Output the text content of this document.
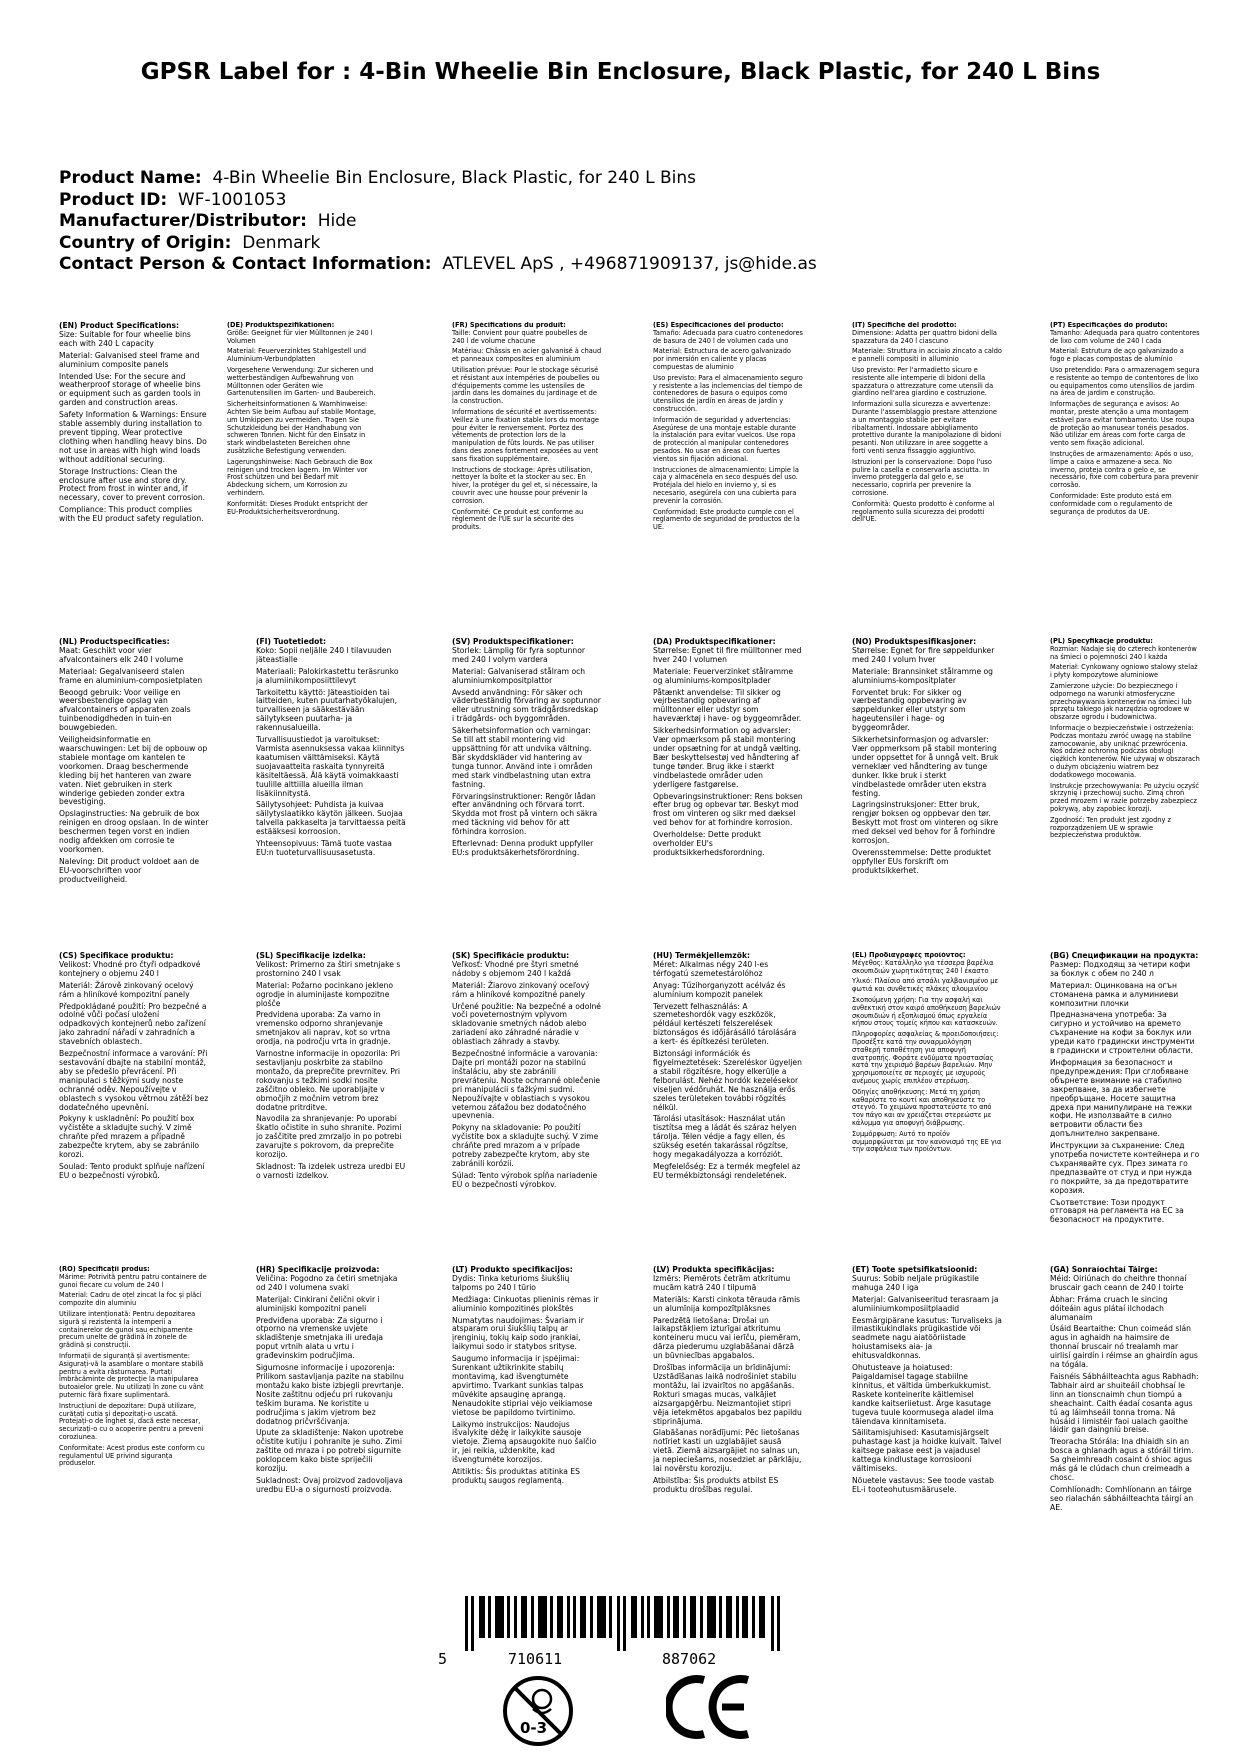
GPSR Label for : 4-Bin Wheelie Bin Enclosure, Black Plastic, for 240 L Bins
Product Name: 4-Bin Wheelie Bin Enclosure, Black Plastic, for 240 L Bins
Product ID: WF-1001053
Manufacturer/Distributor: Hide
Country of Origin: Denmark
Contact Person & Contact Information: ATLEVEL ApS , +496871909137, js@hide.as
(EN) Product Specifications:

Size: Suitable for four wheelie bins each with 240 L capacity

Material: Galvanised steel frame and aluminium composite panels

Intended Use: For the secure and weatherproof storage of wheelie bins or equipment such as garden tools in garden and construction areas.

Safety Information & Warnings: Ensure stable assembly during installation to prevent tipping. Wear protective clothing when handling heavy bins. Do not use in areas with high wind loads without additional securing.

Storage Instructions: Clean the enclosure after use and store dry. Protect from frost in winter and, if necessary, cover to prevent corrosion.

Compliance: This product complies with the EU product safety regulation.

(DE) Produktspezifikationen:

Größe: Geeignet für vier Mülltonnen je 240 l Volumen

Material: Feuerverzinktes Stahlgestell und Aluminium-Verbundplatten

Vorgesehene Verwendung: Zur sicheren und wetterbeständigen Aufbewahrung von Mülltonnen oder Geräten wie Gartenutensilien im Garten- und Baubereich.

Sicherheitsinformationen & Warnhinweise: Achten Sie beim Aufbau auf stabile Montage, um Umkippen zu vermeiden. Tragen Sie Schutzkleidung bei der Handhabung von schweren Tonnen. Nicht für den Einsatz in stark windbelasteten Bereichen ohne zusätzliche Befestigung verwenden.

Lagerungshinweise: Nach Gebrauch die Box reinigen und trocken lagern. Im Winter vor Frost schützen und bei Bedarf mit Abdeckung sichern, um Korrosion zu verhindern.

Konformität: Dieses Produkt entspricht der EU-Produktsicherheitsverordnung.

(FR) Spécifications du produit:

Taille: Convient pour quatre poubelles de 240 l de volume chacune

Matériau: Châssis en acier galvanisé à chaud et panneaux composites en aluminium

Utilisation prévue: Pour le stockage sécurisé et résistant aux intempéries de poubelles ou d'équipements comme les ustensiles de jardin dans les domaines du jardinage et de la construction.

Informations de sécurité et avertissements: Veillez à une fixation stable lors du montage pour éviter le renversement. Portez des vêtements de protection lors de la manipulation de fûts lourds. Ne pas utiliser dans des zones fortement exposées au vent sans fixation supplémentaire.

Instructions de stockage: Après utilisation, nettoyer la boîte et la stocker au sec. En hiver, la protéger du gel et, si nécessaire, la couvrir avec une housse pour prévenir la corrosion.

Conformité: Ce produit est conforme au règlement de l'UE sur la sécurité des produits.

(ES) Especificaciones del producto:

Tamaño: Adecuada para cuatro contenedores de basura de 240 l de volumen cada uno

Material: Estructura de acero galvanizado por inmersión en caliente y placas compuestas de aluminio

Uso previsto: Para el almacenamiento seguro y resistente a las inclemencias del tiempo de contenedores de basura o equipos como utensilios de jardín en áreas de jardín y construcción.

Información de seguridad y advertencias: Asegúrese de una montaje estable durante la instalación para evitar vuelcos. Use ropa de protección al manipular contenedores pesados. No usar en áreas con fuertes vientos sin fijación adicional.

Instrucciones de almacenamiento: Limpie la caja y almacénela en seco después del uso. Protéjala del hielo en invierno y, si es necesario, asegúrela con una cubierta para prevenir la corrosión.

Conformidad: Este producto cumple con el reglamento de seguridad de productos de la UE.

(IT) Specifiche del prodotto:

Dimensione: Adatta per quattro bidoni della spazzatura da 240 l ciascuno

Materiale: Struttura in acciaio zincato a caldo e pannelli compositi in alluminio

Uso previsto: Per l'armadietto sicuro e resistente alle intemperie di bidoni della spazzatura o attrezzature come utensili da giardino nell'area giardino e costruzione.

Informazioni sulla sicurezza e avvertenze: Durante l'assemblaggio prestare attenzione a un montaggio stabile per evitare ribaltamenti. Indossare abbigliamento protettivo durante la manipolazione di bidoni pesanti. Non utilizzare in aree soggette a forti venti senza fissaggio aggiuntivo.

Istruzioni per la conservazione: Dopo l'uso pulire la casella e conservarla asciutta. In inverno proteggerla dal gelo e, se necessario, coprirla per prevenire la corrosione.

Conformità: Questo prodotto è conforme al regolamento sulla sicurezza dei prodotti dell'UE.

(PT) Especificações do produto:

Tamanho: Adequada para quatro contentores de lixo com volume de 240 l cada

Material: Estrutura de aço galvanizado a fogo e placas compostas de alumínio

Uso pretendido: Para o armazenagem segura e resistente ao tempo de contentores de lixo ou equipamentos como utensílios de jardim na área de jardim e construção.

Informações de segurança e avisos: Ao montar, preste atenção a uma montagem estável para evitar tombamento. Use roupa de proteção ao manusear tonéis pesados. Não utilizar em áreas com forte carga de vento sem fixação adicional.

Instruções de armazenamento: Após o uso, limpe a caixa e armazene-a seca. No inverno, proteja contra o gelo e, se necessário, fixe com cobertura para prevenir corrosão.

Conformidade: Este produto está em conformidade com o regulamento de segurança de produtos da UE.

(NL) Productspecificaties:

Maat: Geschikt voor vier afvalcontainers elk 240 l volume

Materiaal: Gegalvaniseerd stalen frame en aluminium-composietplaten

Beoogd gebruik: Voor veilige en weersbestendige opslag van afvalcontainers of apparaten zoals tuinbenodigdheden in tuin-en bouwgebieden.

Veiligheidsinformatie en waarschuwingen: Let bij de opbouw op stabiele montage om kantelen te voorkomen. Draag beschermende kleding bij het hanteren van zware vaten. Niet gebruiken in sterk winderige gebieden zonder extra bevestiging.

Opslaginstructies: Na gebruik de box reinigen en droog opslaan. In de winter beschermen tegen vorst en indien nodig afdekken om corrosie te voorkomen.

Naleving: Dit product voldoet aan de EU-voorschriften voor productveiligheid.

(FI) Tuotetiedot:

Koko: Sopii neljälle 240 l tilavuuden jäteastialle

Materiaali: Palokirkastettu teräsrunko ja alumiinikomposiittilevyt

Tarkoitettu käyttö: Jäteastioiden tai laitteiden, kuten puutarhatyökalujen, turvalliseen ja sääkestävään säilytykseen puutarha- ja rakennusalueilla.

Turvallisuustiedot ja varoitukset: Varmista asennuksessa vakaa kiinnitys kaatumisen välttämiseksi. Käytä suojavaatteita raskaita tynnyreitä käsiteltäessä. Älä käytä voimakkaasti tuulille alttiilla alueilla ilman lisäkiinnitystä.

Säilytysohjeet: Puhdista ja kuivaa säilytyslaatikko käytön jälkeen. Suojaa talvella pakkaselta ja tarvittaessa peitä estääksesi korroosion.

Yhteensopivuus: Tämä tuote vastaa EU:n tuoteturvallisuusasetusta.

(SV) Produktspecifikationer:

Storlek: Lämplig för fyra soptunnor med 240 l volym vardera

Material: Galvaniserad stålram och aluminiumkompositplattor

Avsedd användning: För säker och väderbeständig förvaring av soptunnor eller utrustning som trädgårdsredskap i trädgårds- och byggområden.

Säkerhetsinformation och varningar: Se till att stabil montering vid uppsättning för att undvika vältning. Bär skyddskläder vid hantering av tunga tunnor. Använd inte i områden med stark vindbelastning utan extra fastning.

Förvaringsinstruktioner: Rengör lådan efter användning och förvara torrt. Skydda mot frost på vintern och säkra med täckning vid behov för att förhindra korrosion.

Efterlevnad: Denna produkt uppfyller EU:s produktsäkerhetsförordning.

(DA) Produktspecifikationer:

Størrelse: Egnet til fire mülltonner med hver 240 l volumen

Materiale: Feuerverzinket stålramme og aluminiums-kompositplader

Påtænkt anvendelse: Til sikker og vejrbestandig opbevaring af mülltonner eller udstyr som haveværktøj i have- og byggeområder.

Sikkerhedsinformation og advarsler: Vær opmærksom på stabil montering under opsætning for at undgå vælting. Bær beskyttelsestøj ved håndtering af tunge tønder. Brug ikke i stærkt vindbelastede områder uden yderligere fastgørelse.

Opbevaringsinstruktioner: Rens boksen efter brug og opbevar tør. Beskyt mod frost om vinteren og sikr med dæksel ved behov for at forhindre korrosion.

Overholdelse: Dette produkt overholder EU's produktsikkerhedsforordning.

(NO) Produktspesifikasjoner:

Størrelse: Egnet for fire søppeldunker med 240 l volum hver

Materiale: Brannsinket stålramme og aluminiums-kompositplater

Forventet bruk: For sikker og værbestandig oppbevaring av søppeldunker eller utstyr som hageutensiler i hage- og byggeområder.

Sikkerhetsinformasjon og advarsler: Vær oppmerksom på stabil montering under oppsettet for å unngå velt. Bruk verneklær ved håndtering av tunge dunker. Ikke bruk i sterkt vindbelastede områder uten ekstra festing.

Lagringsinstruksjoner: Etter bruk, rengjør boksen og oppbevar den tør. Beskytt mot frost om vinteren og sikre med deksel ved behov for å forhindre korrosjon.

Overensstemmelse: Dette produktet oppfyller EUs forskrift om produktsikkerhet.

(PL) Specyfikacje produktu:

Rozmiar: Nadaje się do czterech kontenerów na śmieci o pojemności 240 l każda

Materiał: Cynkowany ogniowo stalowy stelaż i płyty kompozytowe aluminiowe

Zamierzone użycie: Do bezpiecznego i odpornego na warunki atmosferyczne przechowywania kontenerów na śmieci lub sprzętu takiego jak narzędzia ogrodowe w obszarze ogrodu i budownictwa.

Informacje o bezpieczeństwie i ostrzeżenia: Podczas montażu zwróć uwagę na stabilne zamocowanie, aby uniknąć przewrócenia. Noś odzież ochronną podczas obsługi ciężkich kontenerów. Nie używaj w obszarach o dużym obciążeniu wiatrem bez dodatkowego mocowania.

Instrukcje przechowywania: Po użyciu oczyść skrzynię i przechowuj sucho. Zimą chroń przed mrozem i w razie potrzeby zabezpiecz pokrywą, aby zapobiec korozji.

Zgodność: Ten produkt jest zgodny z rozporządzeniem UE w sprawie bezpieczeństwa produktów.

(CS) Specifikace produktu:

Velikost: Vhodné pro čtyři odpadkové kontejnery o objemu 240 l

Materiál: Žárově zinkovaný ocelový rám a hliníkové kompozitní panely

Předpokládané použití: Pro bezpečné a odolné vůči počasí uložení odpadkových kontejnerů nebo zařízení jako zahradní nářadí v zahradních a stavebních oblastech.

Bezpečnostní informace a varování: Při sestavování dbajte na stabilní montáž, aby se předešlo převrácení. Při manipulaci s těžkými sudy noste ochranné oděv. Nepoužívejte v oblastech s vysokou větrnou zátěží bez dodatečného upevnění.

Pokyny k uskladnění: Po použití box vyčistěte a skladujte suchý. V zimě chraňte před mrazem a případně zabezpečte krytem, aby se zabránilo korozi.

Soulad: Tento produkt splňuje nařízení EU o bezpečnosti výrobků.

(SL) Specifikacije izdelka:

Velikost: Primerno za štiri smetnjake s prostornino 240 l vsak

Material: Požarno pocinkano jekleno ogrodje in aluminijaste kompozitne plošče

Predvidena uporaba: Za varno in vremensko odporno shranjevanje smetnjakov ali naprav, kot so vrtna orodja, na področju vrta in gradnje.

Varnostne informacije in opozorila: Pri sestavljanju poskrbite za stabilno montažo, da preprečite prevrnitev. Pri rokovanju s težkimi sodki nosite zaščitno obleko. Ne uporabljajte v območjih z močnim vetrom brez dodatne pritrditve.

Navodila za shranjevanje: Po uporabi škatlo očistite in suho shranite. Pozimi jo zaščitite pred zmrzaljo in po potrebi zavarujte s pokrovom, da preprečite korozijo.

Skladnost: Ta izdelek ustreza uredbi EU o varnosti izdelkov.

(SK) Špecifikácie produktu:

Veľkosť: Vhodné pre štyri smetné nádoby s objemom 240 l každá

Materiál: Žiarovo zinkovaný oceľový rám a hliníkové kompozitné panely

Určené použitie: Na bezpečné a odolné voči poveternostným vplyvom skladovanie smetných nádob alebo zariadení ako záhradné náradie v oblastiach záhrady a stavby.

Bezpečnostné informácie a varovania: Dajte pri montáži pozor na stabilnú inštaláciu, aby ste zabránili prevráteniu. Noste ochranné oblečenie pri manipulácii s ťažkými sudmi. Nepoužívajte v oblastiach s vysokou veternou záťažou bez dodatočného upevnenia.

Pokyny na skladovanie: Po použití vyčistite box a skladujte suchý. V zime chráňte pred mrazom a v prípade potreby zabezpečte krytom, aby ste zabránili korózii.

Súlad: Tento výrobok spĺňa nariadenie EÚ o bezpečnosti výrobkov.

(HU) Termékjellemzők:

Méret: Alkalmas négy 240 l-es térfogatú szemetestárolóhoz

Anyag: Tűzihorganyzott acélváz és alumínium kompozit panelek

Tervezett felhasználás: A szemeteshordók vagy eszközök, például kertészeti felszerelések biztonságos és időjárásálló tárolására a kert- és építkezési területen.

Biztonsági információk és figyelmeztetések: Szereléskor ügyeljen a stabil rögzítésre, hogy elkerülje a felborulást. Nehéz hordók kezelésekor viseljen védőruhát. Ne használja erős szeles területeken további rögzítés nélkül.

Tárolási utasítások: Használat után tisztítsa meg a ládát és száraz helyen tárolja. Télen védje a fagy ellen, és szükség esetén takarással rögzítse, hogy megakadályozza a korróziót.

Megfelelőség: Ez a termék megfelel az EU termékbiztonsági rendeletének.

(EL) Προδιαγραφές προϊόντος:

Μέγεθος: Κατάλληλο για τέσσερα βαρέλια σκουπιδιών χωρητικότητας 240 l έκαστο

Υλικό: Πλαίσιο από ατσάλι γαλβανισμένο με φωτιά και συνθετικές πλάκες αλουμινίου

Σκοπούμενη χρήση: Για την ασφαλή και ανθεκτική στον καιρό αποθήκευση βαρελιών σκουπιδιών ή εξοπλισμού όπως εργαλεία κήπου στους τομείς κήπου και κατασκευών.

Πληροφορίες ασφαλείας & προειδοποιήσεις: Προσέξτε κατά την συναρμολόγηση σταθερή τοποθέτηση για αποφυγή ανατροπής. Φοράτε ενδύματα προστασίας κατά την χειρισμό βαρέων βαρελιών. Μην χρησιμοποιείτε σε περιοχές με ισχυρούς ανέμους χωρίς επιπλέον στερέωση.

Οδηγίες αποθήκευσης: Μετά τη χρήση καθαρίστε το κουτί και αποθηκεύστε το στεγνό. Το χειμώνα προστατεύστε το από τον πάγο και αν χρειάζεται στερεώστε με κάλυμμα για αποφυγή διάβρωσης.

Συμμόρφωση: Αυτό το προϊόν συμμορφώνεται με τον κανονισμό της ΕΕ για την ασφάλεια των προϊόντων.

(BG) Спецификации на продукта:

Размер: Подходящ за четири кофи за боклук с обем по 240 л

Материал: Оцинкована на огън стоманена рамка и алуминиеви композитни плочки

Предназначена употреба: За сигурно и устойчиво на времето съхранение на кофи за боклук или уреди като градински инструменти в градински и строителни области.

Информация за безопасност и предупреждения: При сглобяване обърнете внимание на стабилно закрепване, за да избегнете преобръщане. Носете защитна дреха при манипулиране на тежки кофи. Не използвайте в силно ветровити области без допълнително закрепване.

Инструкции за съхранение: След употреба почистете контейнера и го съхранявайте сух. През зимата го предпазвайте от студ и при нужда го покрийте, за да предотвратите корозия.

Съответствие: Този продукт отговаря на регламента на ЕС за безопасност на продуктите.

(RO) Specificații produs:

Mărime: Potrivită pentru patru containere de gunoi fiecare cu volum de 240 l

Material: Cadru de oțel zincat la foc și plăci compozite din aluminiu

Utilizare intenționată: Pentru depozitarea sigură și rezistentă la intemperii a containerelor de gunoi sau echipamente precum unelte de grădină în zonele de grădină și construcții.

Informații de siguranță și avertismente: Asigurați-vă la asamblare o montare stabilă pentru a evita răsturnarea. Purtați îmbrăcăminte de protecție la manipularea butoaielor grele. Nu utilizați în zone cu vânt puternic fără fixare suplimentară.

Instrucțiuni de depozitare: După utilizare, curățați cutia și depozitați-o uscată. Protejați-o de înghet și, dacă este necesar, securizați-o cu o acoperire pentru a preveni coroziunea.

Conformitate: Acest produs este conform cu regulamentul UE privind siguranța produselor.

(HR) Specifikacije proizvoda:

Veličina: Pogodno za četiri smetnjaka od 240 l volumena svaki

Materijal: Cinkirani čelični okvir i aluminijski kompozitni paneli

Predviđena uporaba: Za sigurno i otporno na vremenske uvjete skladištenje smetnjaka ili uređaja poput vrtnih alata u vrtu i građevinskim područjima.

Sigurnosne informacije i upozorenja: Prilikom sastavljanja pazite na stabilnu montažu kako biste izbjegli prevrtanje. Nosite zaštitnu odjeću pri rukovanju teškim burama. Ne koristite u područjima s jakim vjetrom bez dodatnog pričvršćivanja.

Upute za skladištenje: Nakon upotrebe očistite kutiju i pohranite je suho. Zimi zaštite od mraza i po potrebi sigurnite poklopcem kako biste spriječili koroziju.

Sukladnost: Ovaj proizvod zadovoljava uredbu EU-a o sigurnosti proizvoda.

(LT) Produkto specifikacijos:

Dydis: Tinka keturioms šiukšlių talpoms po 240 l tūrio

Medžiaga: Cinkuotas plieninis rėmas ir aliuminio kompozitinės plokštės

Numatytas naudojimas: Švariam ir atsparam orui šiukšlių talpų ar įrenginių, tokių kaip sodo įrankiai, laikymui sodo ir statybos srityse.

Saugumo informacija ir įspėjimai: Surenkant užtikrinkite stabilų montavimą, kad išvengtumėte apvirtimo. Tvarkant sunkias talpas mūvėkite apsauginę aprangą. Nenaudokite stipriai vėjo veikiamose vietose be papildomo tvirtinimo.

Laikymo instrukcijos: Naudojus išvalykite dėžę ir laikykite sausoje vietoje. Žiemą apsaugokite nuo šalčio ir, jei reikia, uždenkite, kad išvengtumėte korozijos.

Atitiktis: Šis produktas atitinka ES produktų saugos reglamentą.

(LV) Produkta specifikācijas:

Izmērs: Piemērots četrām atkritumu mucām katrā 240 l tilpumā

Materiāls: Karsti cinkota tērauda rāmis un alumīnija kompozītplāksnes

Paredzētā lietošana: Drošai un laikapstākļiem izturīgai atkritumu konteineru mucu vai ierīču, piemēram, dārza piederumu uzglabāšanai dārzā un būvniecības apgabalos.

Drošības informācija un brīdinājumi: Uzstādīšanas laikā nodrošiniet stabilu montāžu, lai izvairītos no apgāšanās. Rokturi smagas mucas, valkājiet aizsargapģērbu. Neizmantojiet stipri vēja ietekmētos apgabalos bez papildu stiprinājuma.

Glabāšanas norādījumi: Pēc lietošanas notīriet kasti un uzglabājiet sausā vietā. Ziemā aizsargājiet no salnas un, ja nepieciešams, nosedziet ar pārklāju, lai novērstu koroziju.

Atbilstība: Šis produkts atbilst ES produktu drošības regulai.

(ET) Toote spetsifikatsioonid:

Suurus: Sobib neljale prügikastile mahuga 240 l iga

Materjal: Galvaniseeritud terasraam ja alumiiniumkomposiitplaadid

Eesmärgipärane kasutus: Turvaliseks ja ilmastikukindlaks prügikastide või seadmete nagu aiatööriistade hoiustamiseks aia- ja ehitusvaldkonnas.

Ohutusteave ja hoiatused: Paigaldamisel tagage stabiilne kinnitus, et vältida ümberkukkumist. Raskete konteinerite käitlemisel kandke kaitseriietust. Ärge kasutage tugeva tuule koormusega aladel ilma täiendava kinnitamiseta.

Säilitamisjuhised: Kasutamisjärgselt puhastage kast ja hoidke kuivalt. Talvel kaitsege pakase eest ja vajadusel kattega kindlustage korrosiooni vältimiseks.

Nõuetele vastavus: See toode vastab EL-i tooteohutusmäärusele.

(GA) Sonraíochtaí Táirge:

Méid: Oiriúnach do cheithre thonnaí bruscair gach ceann de 240 l toirte

Ábhar: Fráma cruach le sincing dóiteáin agus plátaí ilchodach alumanaim

Úsáid Beartaithe: Chun coimeád slán agus in aghaidh na haimsire de thonnaí bruscair nó trealamh mar uirlisí gairdín i réimse an ghairdín agus na tógála.

Faisnéis Sábháilteachta agus Rabhadh: Tabhair aird ar shuiteáil chobhsaí le linn an tionscnaimh chun tiompú a sheachaint. Caith éadaí cosanta agus tú ag láimhseáil tonna troma. Ná húsáid i limistéir faoi ualach gaoithe láidir gan daingniú breise.

Treoracha Stórála: Ina dhiaidh sin an bosca a ghlanadh agus a stóráil tirim. Sa gheimhreadh cosaint ó shioc agus más gá le clúdach chun creimeadh a chosc.

Comhlíonadh: Comhlíonann an táirge seo rialachán sábháilteachta táirgí an AE.

5	710611	887062
0-3
